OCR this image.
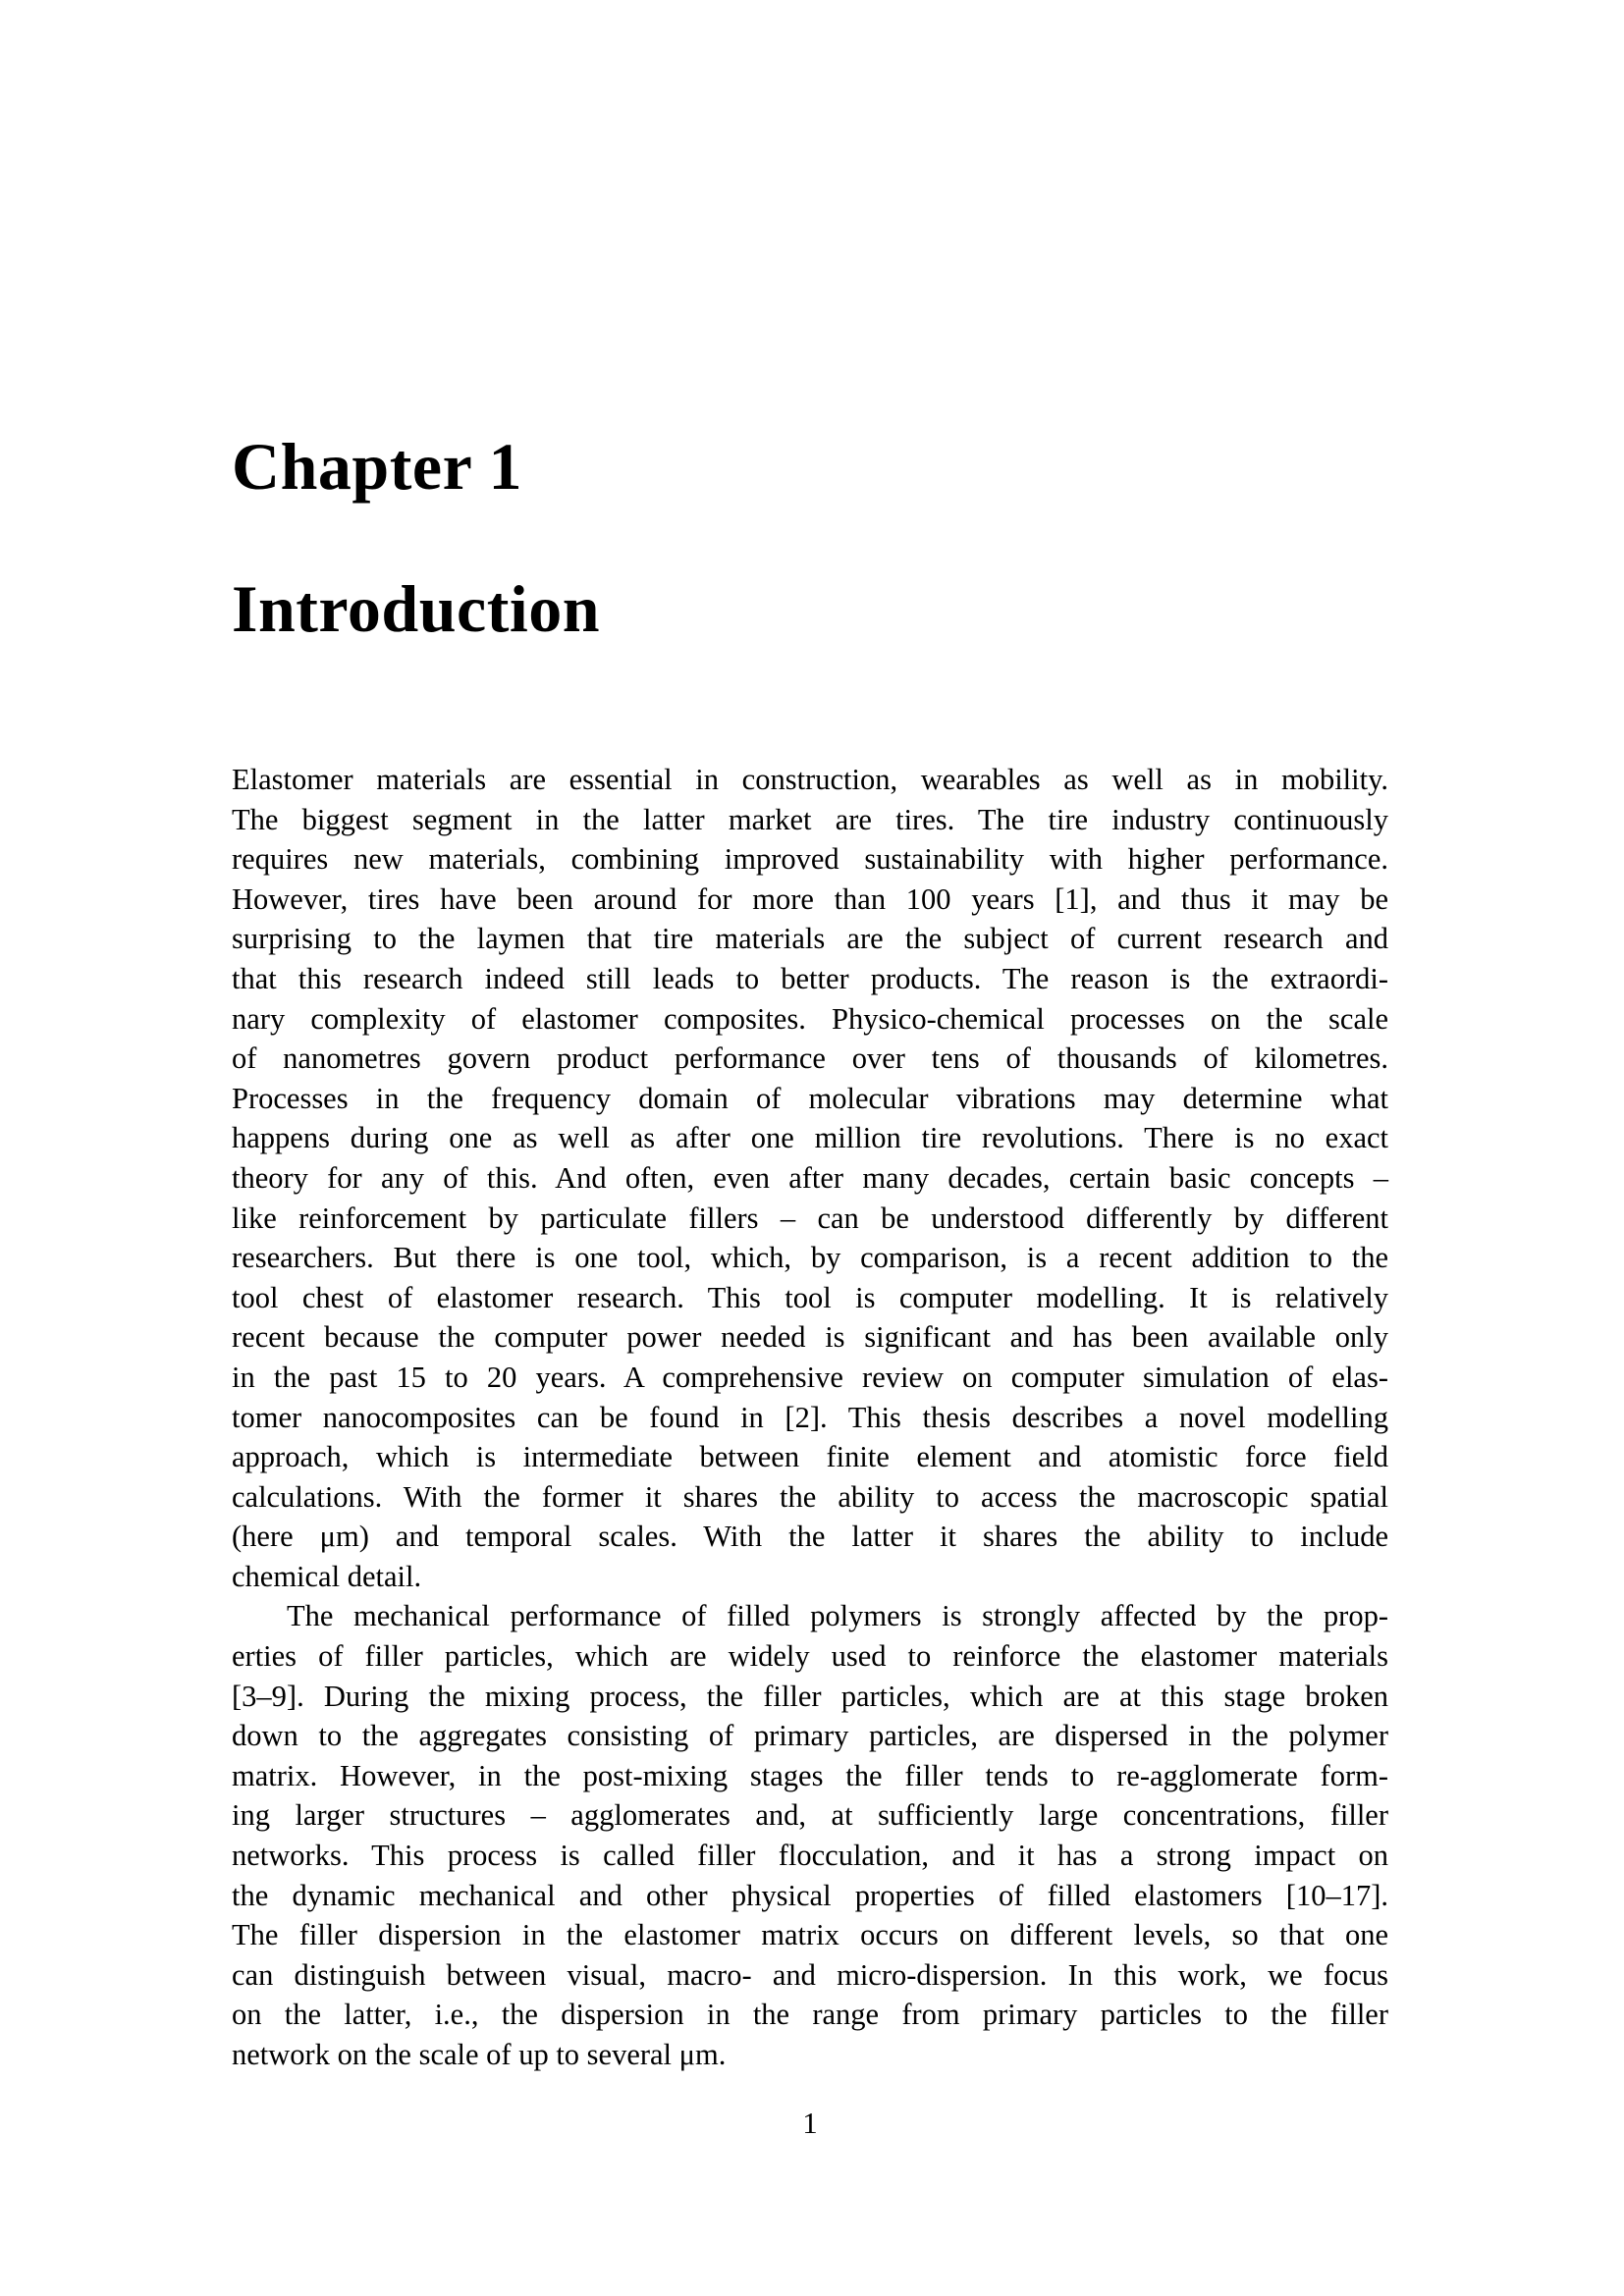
Chapter 1
Introduction
Elastomer materials are essential in construction, wearables as well as in mobility.
The biggest segment in the latter market are tires. The tire industry continuously
requires new materials, combining improved sustainability with higher performance.
However, tires have been around for more than 100 years [1], and thus it may be
surprising to the laymen that tire materials are the subject of current research and
that this research indeed still leads to better products. The reason is the extraordi-
nary complexity of elastomer composites. Physico-chemical processes on the scale
of nanometres govern product performance over tens of thousands of kilometres.
Processes in the frequency domain of molecular vibrations may determine what
happens during one as well as after one million tire revolutions. There is no exact
theory for any of this. And often, even after many decades, certain basic concepts –
like reinforcement by particulate fillers – can be understood differently by different
researchers. But there is one tool, which, by comparison, is a recent addition to the
tool chest of elastomer research. This tool is computer modelling. It is relatively
recent because the computer power needed is significant and has been available only
in the past 15 to 20 years. A comprehensive review on computer simulation of elas-
tomer nanocomposites can be found in [2]. This thesis describes a novel modelling
approach, which is intermediate between finite element and atomistic force field
calculations. With the former it shares the ability to access the macroscopic spatial
(here μm) and temporal scales. With the latter it shares the ability to include
chemical detail.
The mechanical performance of filled polymers is strongly affected by the prop-
erties of filler particles, which are widely used to reinforce the elastomer materials
[3–9]. During the mixing process, the filler particles, which are at this stage broken
down to the aggregates consisting of primary particles, are dispersed in the polymer
matrix. However, in the post-mixing stages the filler tends to re-agglomerate form-
ing larger structures – agglomerates and, at sufficiently large concentrations, filler
networks. This process is called filler flocculation, and it has a strong impact on
the dynamic mechanical and other physical properties of filled elastomers [10–17].
The filler dispersion in the elastomer matrix occurs on different levels, so that one
can distinguish between visual, macro- and micro-dispersion. In this work, we focus
on the latter, i.e., the dispersion in the range from primary particles to the filler
network on the scale of up to several μm.
1
